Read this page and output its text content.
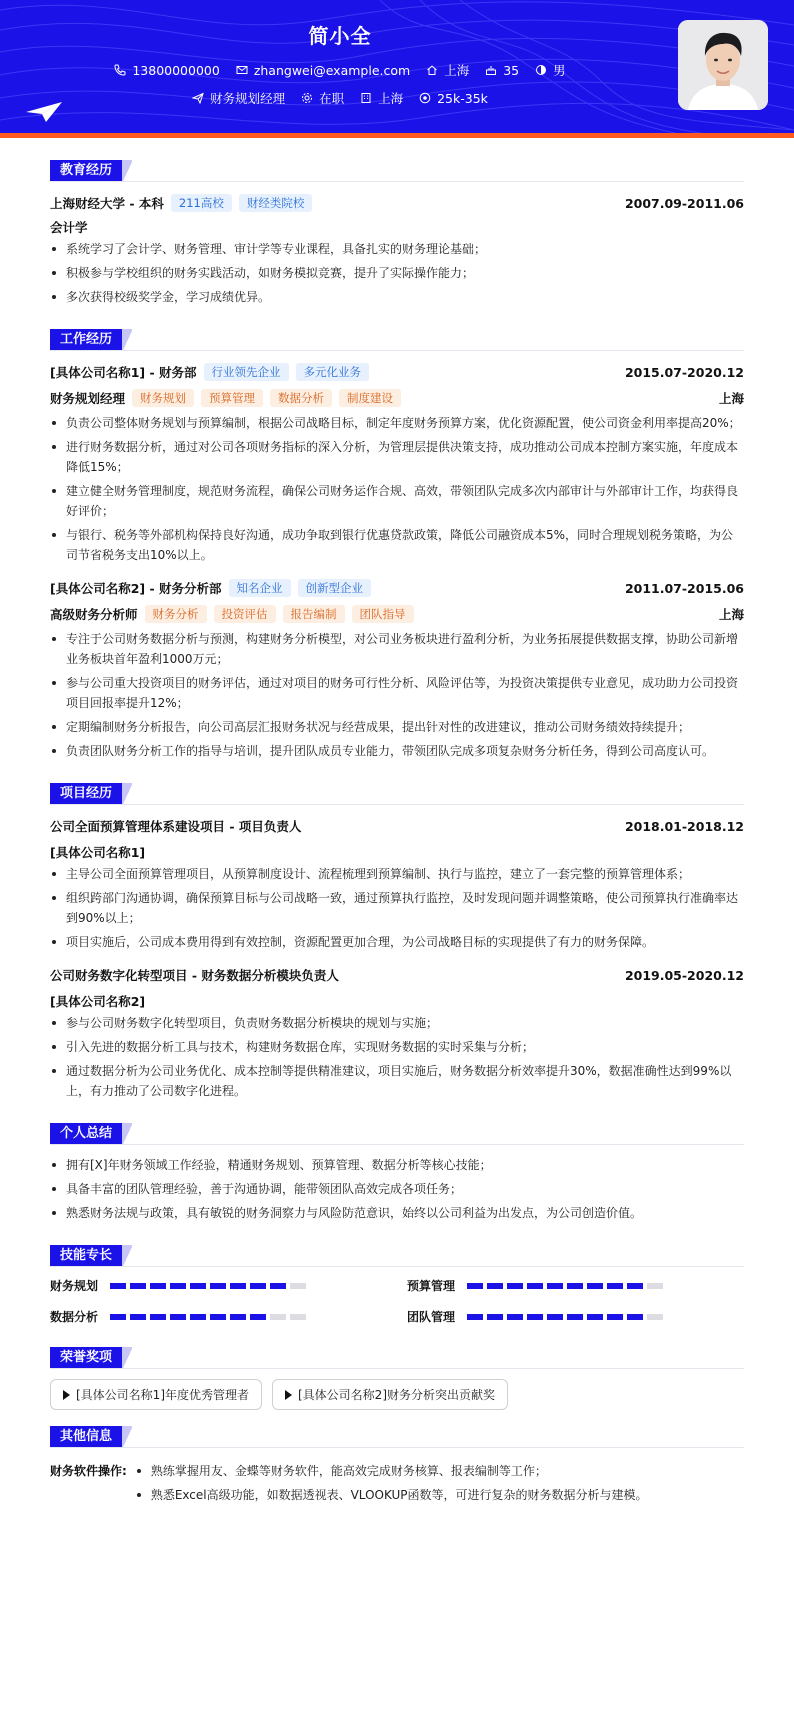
简小全
13800000000	zhangwei@example.com	上海	35	男
财务规划经理	在职	上海	25k-35k
教育经历
上海财经大学 - 本科	211高校	财经类院校	2007.09-2011.06
会计学
系统学习了会计学、财务管理、审计学等专业课程，具备扎实的财务理论基础；
积极参与学校组织的财务实践活动，如财务模拟竞赛，提升了实际操作能力；
多次获得校级奖学金，学习成绩优异。
工作经历
[具体公司名称1] - 财务部	行业领先企业	多元化业务	2015.07-2020.12
财务规划经理	财务规划	预算管理	数据分析	制度建设	上海
负责公司整体财务规划与预算编制，根据公司战略目标，制定年度财务预算方案，优化资源配置，使公司资金利用率提高20%；
进行财务数据分析，通过对公司各项财务指标的深入分析，为管理层提供决策支持，成功推动公司成本控制方案实施，年度成本降低15%；
建立健全财务管理制度，规范财务流程，确保公司财务运作合规、高效，带领团队完成多次内部审计与外部审计工作，均获得良好评价；
与银行、税务等外部机构保持良好沟通，成功争取到银行优惠贷款政策，降低公司融资成本5%，同时合理规划税务策略，为公司节省税务支出10%以上。
[具体公司名称2] - 财务分析部	知名企业	创新型企业	2011.07-2015.06
高级财务分析师	财务分析	投资评估	报告编制	团队指导	上海
专注于公司财务数据分析与预测，构建财务分析模型，对公司业务板块进行盈利分析，为业务拓展提供数据支撑，协助公司新增业务板块首年盈利1000万元；
参与公司重大投资项目的财务评估，通过对项目的财务可行性分析、风险评估等，为投资决策提供专业意见，成功助力公司投资项目回报率提升12%；
定期编制财务分析报告，向公司高层汇报财务状况与经营成果，提出针对性的改进建议，推动公司财务绩效持续提升；
负责团队财务分析工作的指导与培训，提升团队成员专业能力，带领团队完成多项复杂财务分析任务，得到公司高度认可。
项目经历
公司全面预算管理体系建设项目 - 项目负责人	2018.01-2018.12
[具体公司名称1]
主导公司全面预算管理项目，从预算制度设计、流程梳理到预算编制、执行与监控，建立了一套完整的预算管理体系；
组织跨部门沟通协调，确保预算目标与公司战略一致，通过预算执行监控，及时发现问题并调整策略，使公司预算执行准确率达到90%以上；
项目实施后，公司成本费用得到有效控制，资源配置更加合理，为公司战略目标的实现提供了有力的财务保障。
公司财务数字化转型项目 - 财务数据分析模块负责人	2019.05-2020.12
[具体公司名称2]
参与公司财务数字化转型项目，负责财务数据分析模块的规划与实施；
引入先进的数据分析工具与技术，构建财务数据仓库，实现财务数据的实时采集与分析；
通过数据分析为公司业务优化、成本控制等提供精准建议，项目实施后，财务数据分析效率提升30%，数据准确性达到99%以上，有力推动了公司数字化进程。
个人总结
拥有[X]年财务领域工作经验，精通财务规划、预算管理、数据分析等核心技能；
具备丰富的团队管理经验，善于沟通协调，能带领团队高效完成各项任务；
熟悉财务法规与政策，具有敏锐的财务洞察力与风险防范意识，始终以公司利益为出发点，为公司创造价值。
技能专长
财务规划	预算管理
数据分析	团队管理
荣誉奖项
[具体公司名称1]年度优秀管理者	[具体公司名称2]财务分析突出贡献奖
其他信息
财务软件操作:	熟练掌握用友、金蝶等财务软件，能高效完成财务核算、报表编制等工作；
熟悉Excel高级功能，如数据透视表、VLOOKUP函数等，可进行复杂的财务数据分析与建模。
